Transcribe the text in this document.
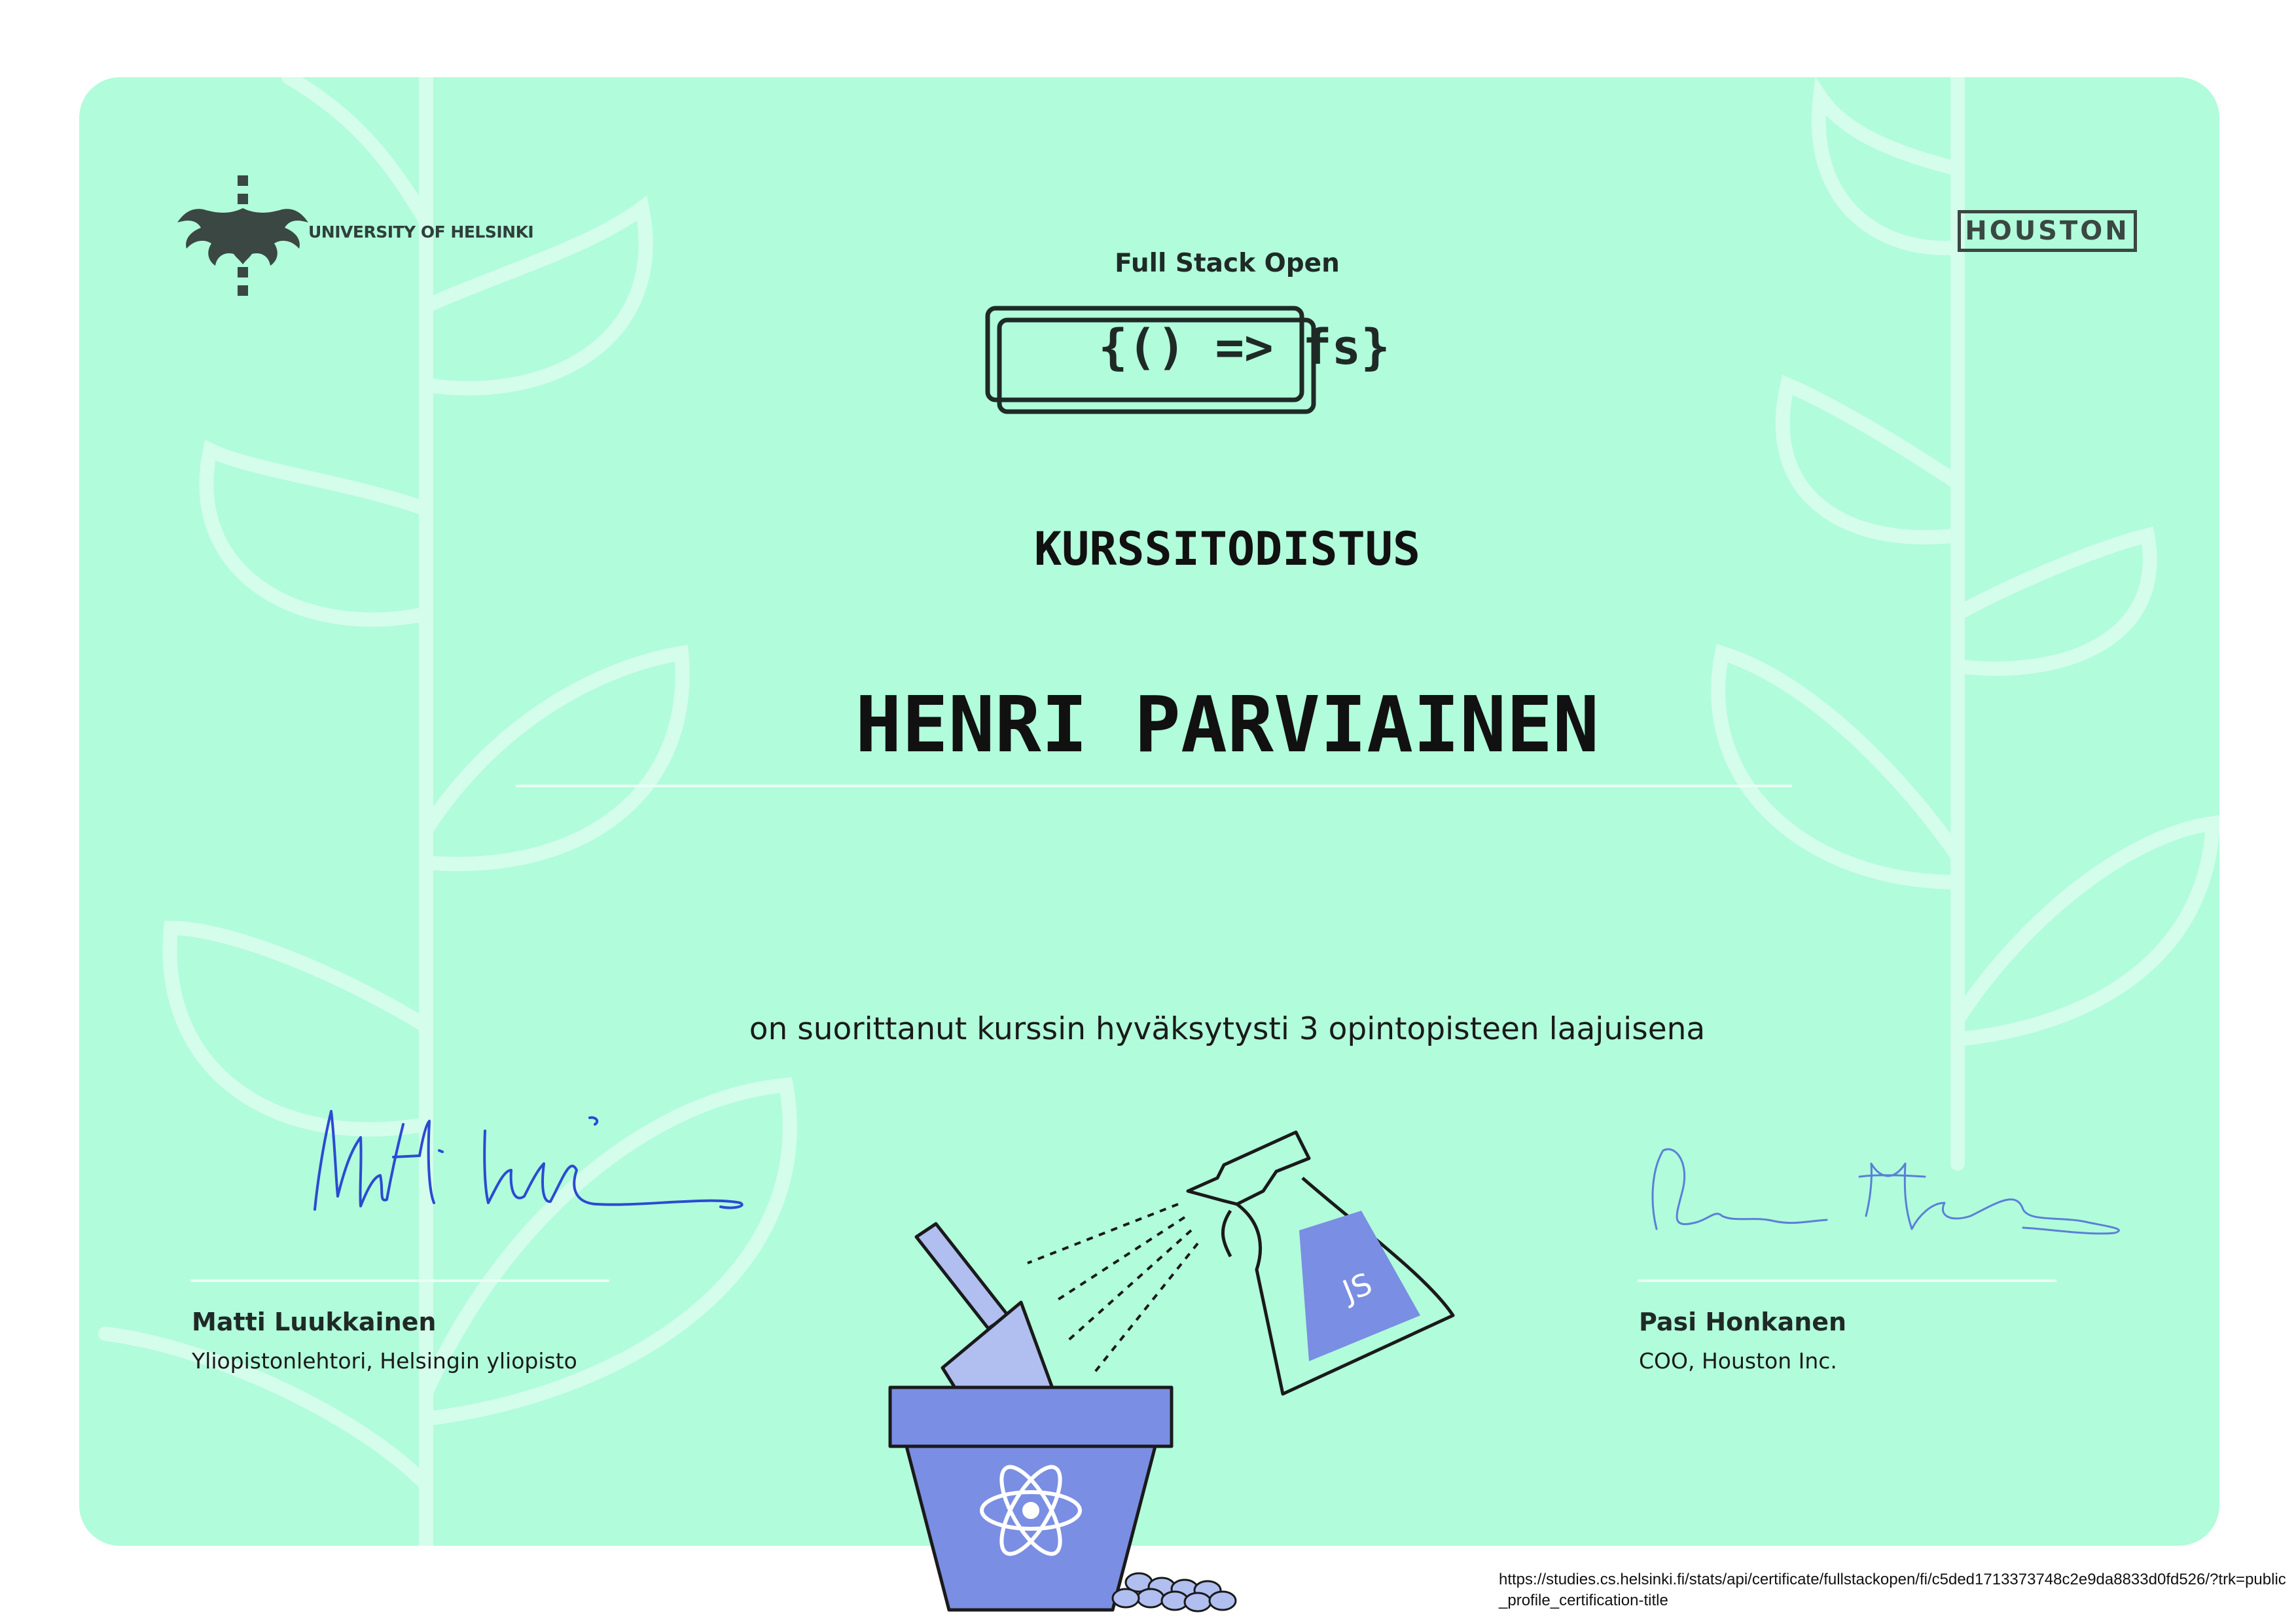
UNIVERSITY OF HELSINKI	HOUSTON
Full Stack Open
{() => fs}
KURSSITODISTUS
HENRI PARVIAINEN
on suorittanut kurssin hyväksytysti 3 opintopisteen laajuisena
Matti Luukkainen
Yliopistonlehtori, Helsingin yliopisto
Pasi Honkanen
COO, Houston Inc.
JS
https://studies.cs.helsinki.fi/stats/api/certificate/fullstackopen/fi/c5ded1713373748c2e9da8833d0fd526/?trk=public_profile_certification-title
